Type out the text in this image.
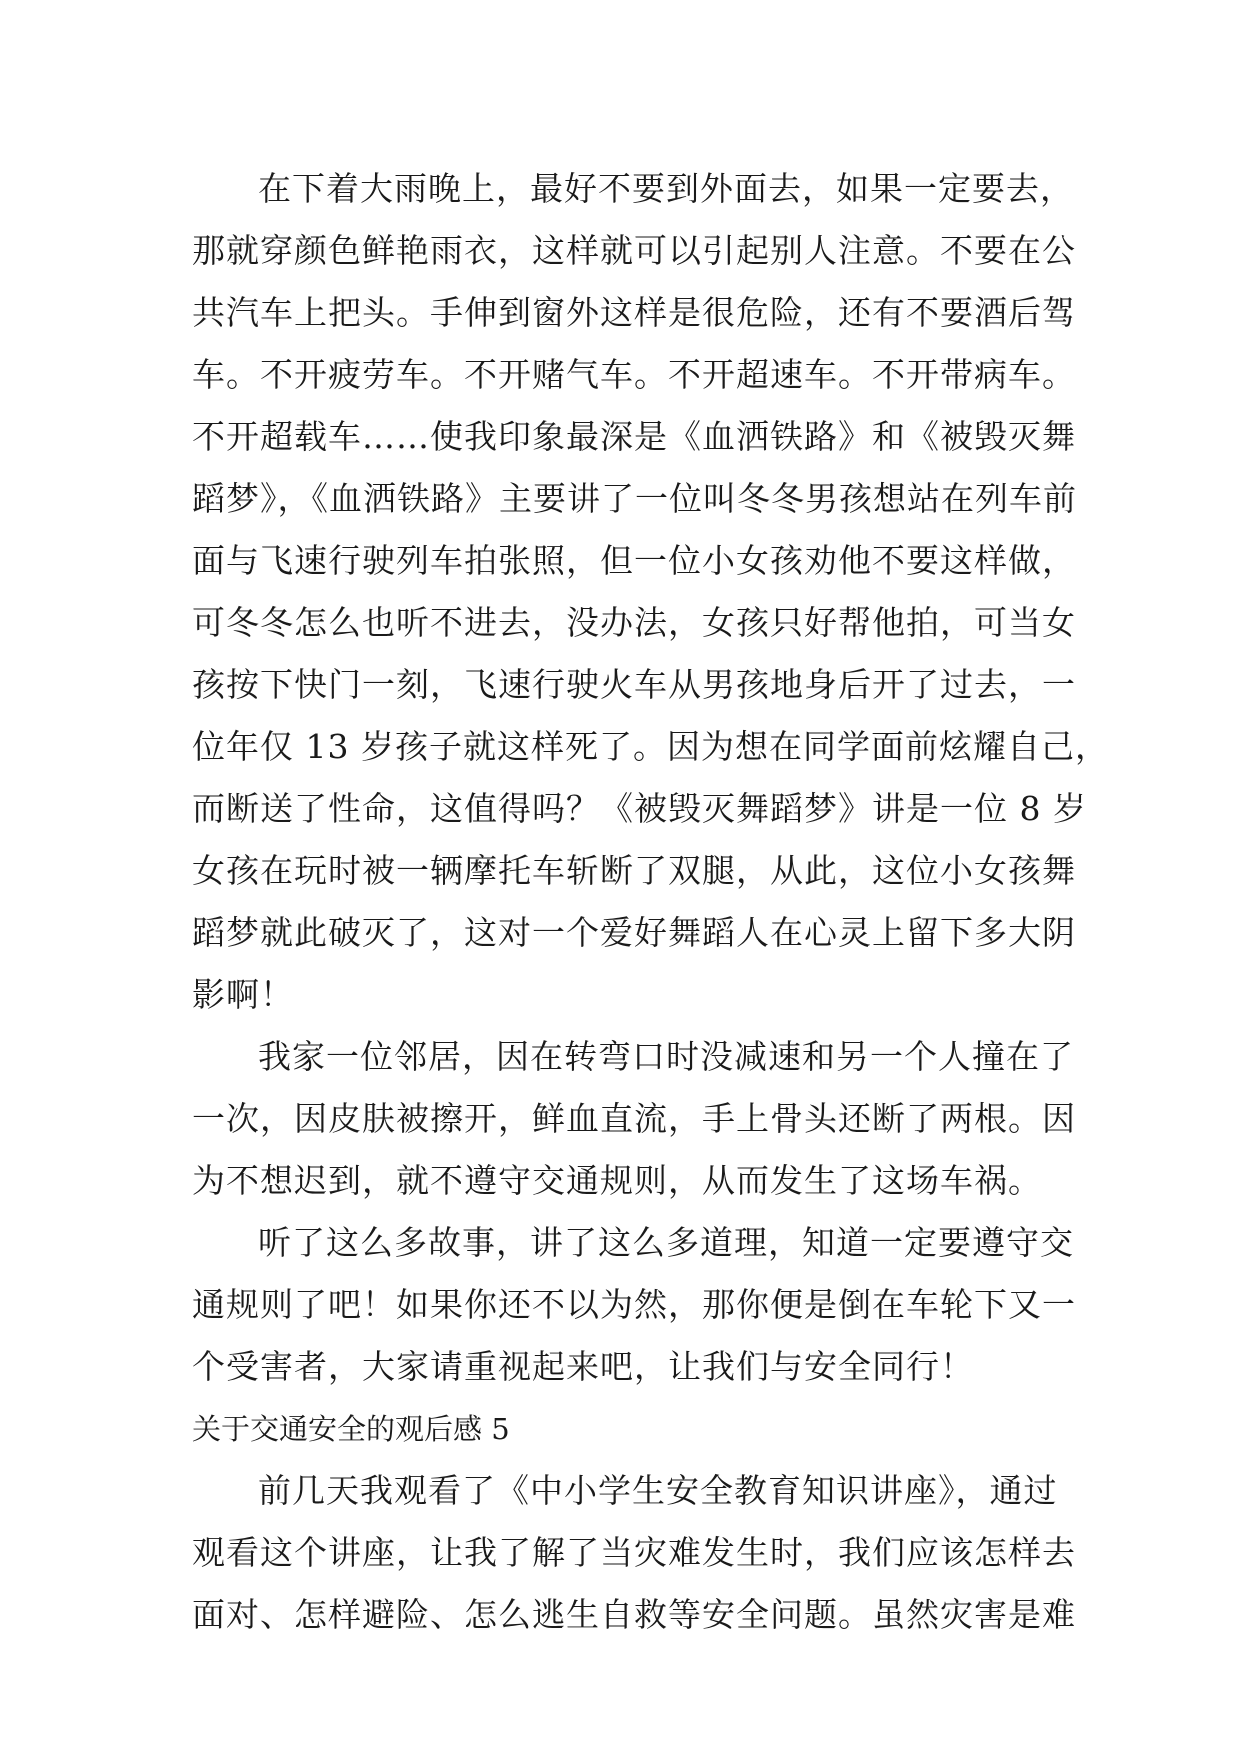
在下着大雨晚上，最好不要到外面去，如果一定要去，
那就穿颜色鲜艳雨衣，这样就可以引起别人注意。不要在公
共汽车上把头。手伸到窗外这样是很危险，还有不要酒后驾
车。不开疲劳车。不开赌气车。不开超速车。不开带病车。
不开超载车……使我印象最深是《血洒铁路》和《被毁灭舞
蹈梦》，《血洒铁路》主要讲了一位叫冬冬男孩想站在列车前
面与飞速行驶列车拍张照，但一位小女孩劝他不要这样做，
可冬冬怎么也听不进去，没办法，女孩只好帮他拍，可当女
孩按下快门一刻，飞速行驶火车从男孩地身后开了过去，一
位年仅 13 岁孩子就这样死了。因为想在同学面前炫耀自己，
而断送了性命，这值得吗？《被毁灭舞蹈梦》讲是一位 8 岁
女孩在玩时被一辆摩托车斩断了双腿，从此，这位小女孩舞
蹈梦就此破灭了，这对一个爱好舞蹈人在心灵上留下多大阴
影啊！
我家一位邻居，因在转弯口时没减速和另一个人撞在了
一次，因皮肤被擦开，鲜血直流，手上骨头还断了两根。因
为不想迟到，就不遵守交通规则，从而发生了这场车祸。
听了这么多故事，讲了这么多道理，知道一定要遵守交
通规则了吧！如果你还不以为然，那你便是倒在车轮下又一
个受害者，大家请重视起来吧，让我们与安全同行！
关于交通安全的观后感 5
前几天我观看了《中小学生安全教育知识讲座》，通过
观看这个讲座，让我了解了当灾难发生时，我们应该怎样去
面对、怎样避险、怎么逃生自救等安全问题。虽然灾害是难
